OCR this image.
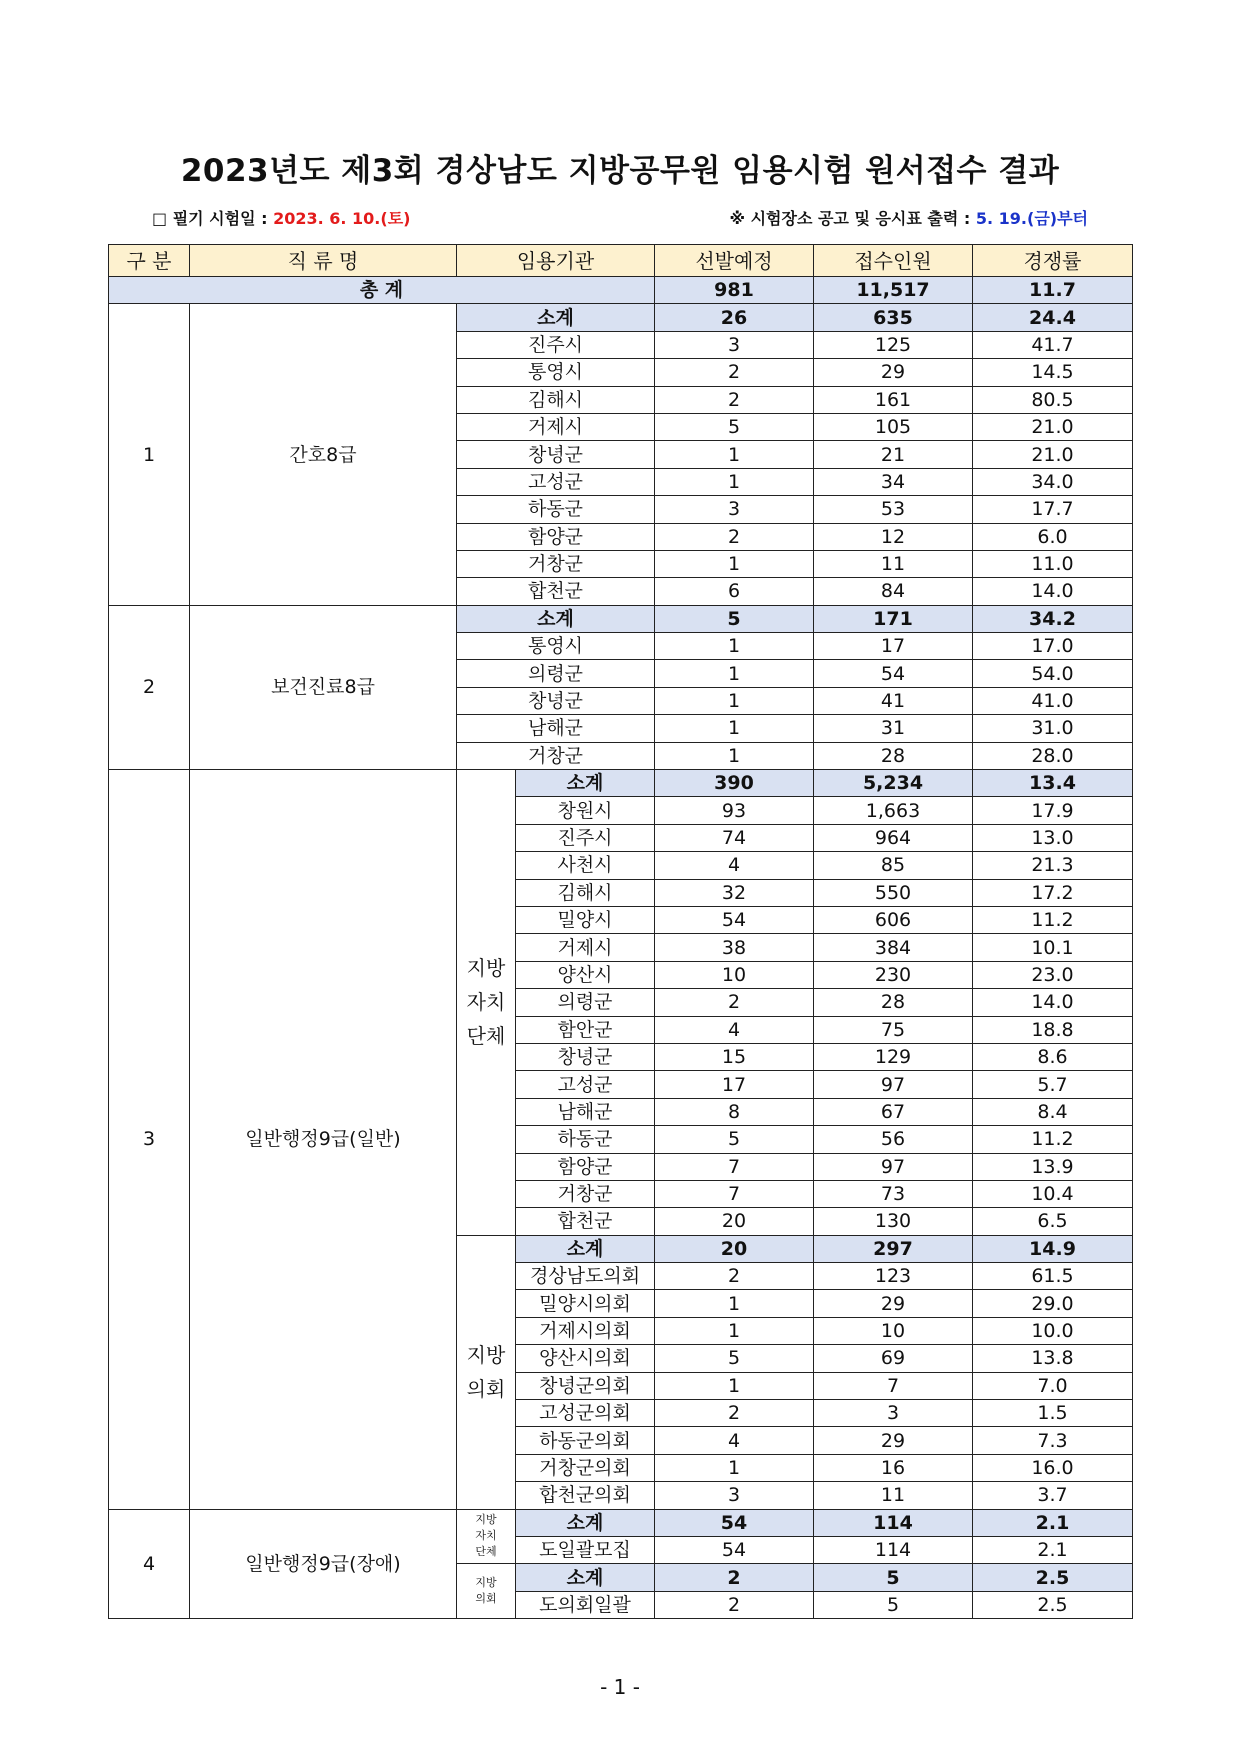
2023년도 제3회 경상남도 지방공무원 임용시험 원서접수 결과
□ 필기 시험일 : 2023. 6. 10.(토)	※ 시험장소 공고 및 응시표 출력 : 5. 19.(금)부터
구 분	직 류 명	임용기관		선발예정	접수인원	경쟁률
총 계				981	11,517	11.7
1	간호8급	소계		26	635	24.4
		진주시		3	125	41.7
		통영시		2	29	14.5
		김해시		2	161	80.5
		거제시		5	105	21.0
		창녕군		1	21	21.0
		고성군		1	34	34.0
		하동군		3	53	17.7
		함양군		2	12	6.0
		거창군		1	11	11.0
		합천군		6	84	14.0
2	보건진료8급	소계		5	171	34.2
		통영시		1	17	17.0
		의령군		1	54	54.0
		창녕군		1	41	41.0
		남해군		1	31	31.0
		거창군		1	28	28.0
3	일반행정9급(일반)	지방
자치
단체	소계	390	5,234	13.4
			창원시	93	1,663	17.9
			진주시	74	964	13.0
			사천시	4	85	21.3
			김해시	32	550	17.2
			밀양시	54	606	11.2
			거제시	38	384	10.1
			양산시	10	230	23.0
			의령군	2	28	14.0
			함안군	4	75	18.8
			창녕군	15	129	8.6
			고성군	17	97	5.7
			남해군	8	67	8.4
			하동군	5	56	11.2
			함양군	7	97	13.9
			거창군	7	73	10.4
			합천군	20	130	6.5
		지방
의회	소계	20	297	14.9
			경상남도의회	2	123	61.5
			밀양시의회	1	29	29.0
			거제시의회	1	10	10.0
			양산시의회	5	69	13.8
			창녕군의회	1	7	7.0
			고성군의회	2	3	1.5
			하동군의회	4	29	7.3
			거창군의회	1	16	16.0
			합천군의회	3	11	3.7
4	일반행정9급(장애)	지방
자치
단체	소계	54	114	2.1
			도일괄모집	54	114	2.1
		지방
의회	소계	2	5	2.5
			도의회일괄	2	5	2.5
- 1 -
